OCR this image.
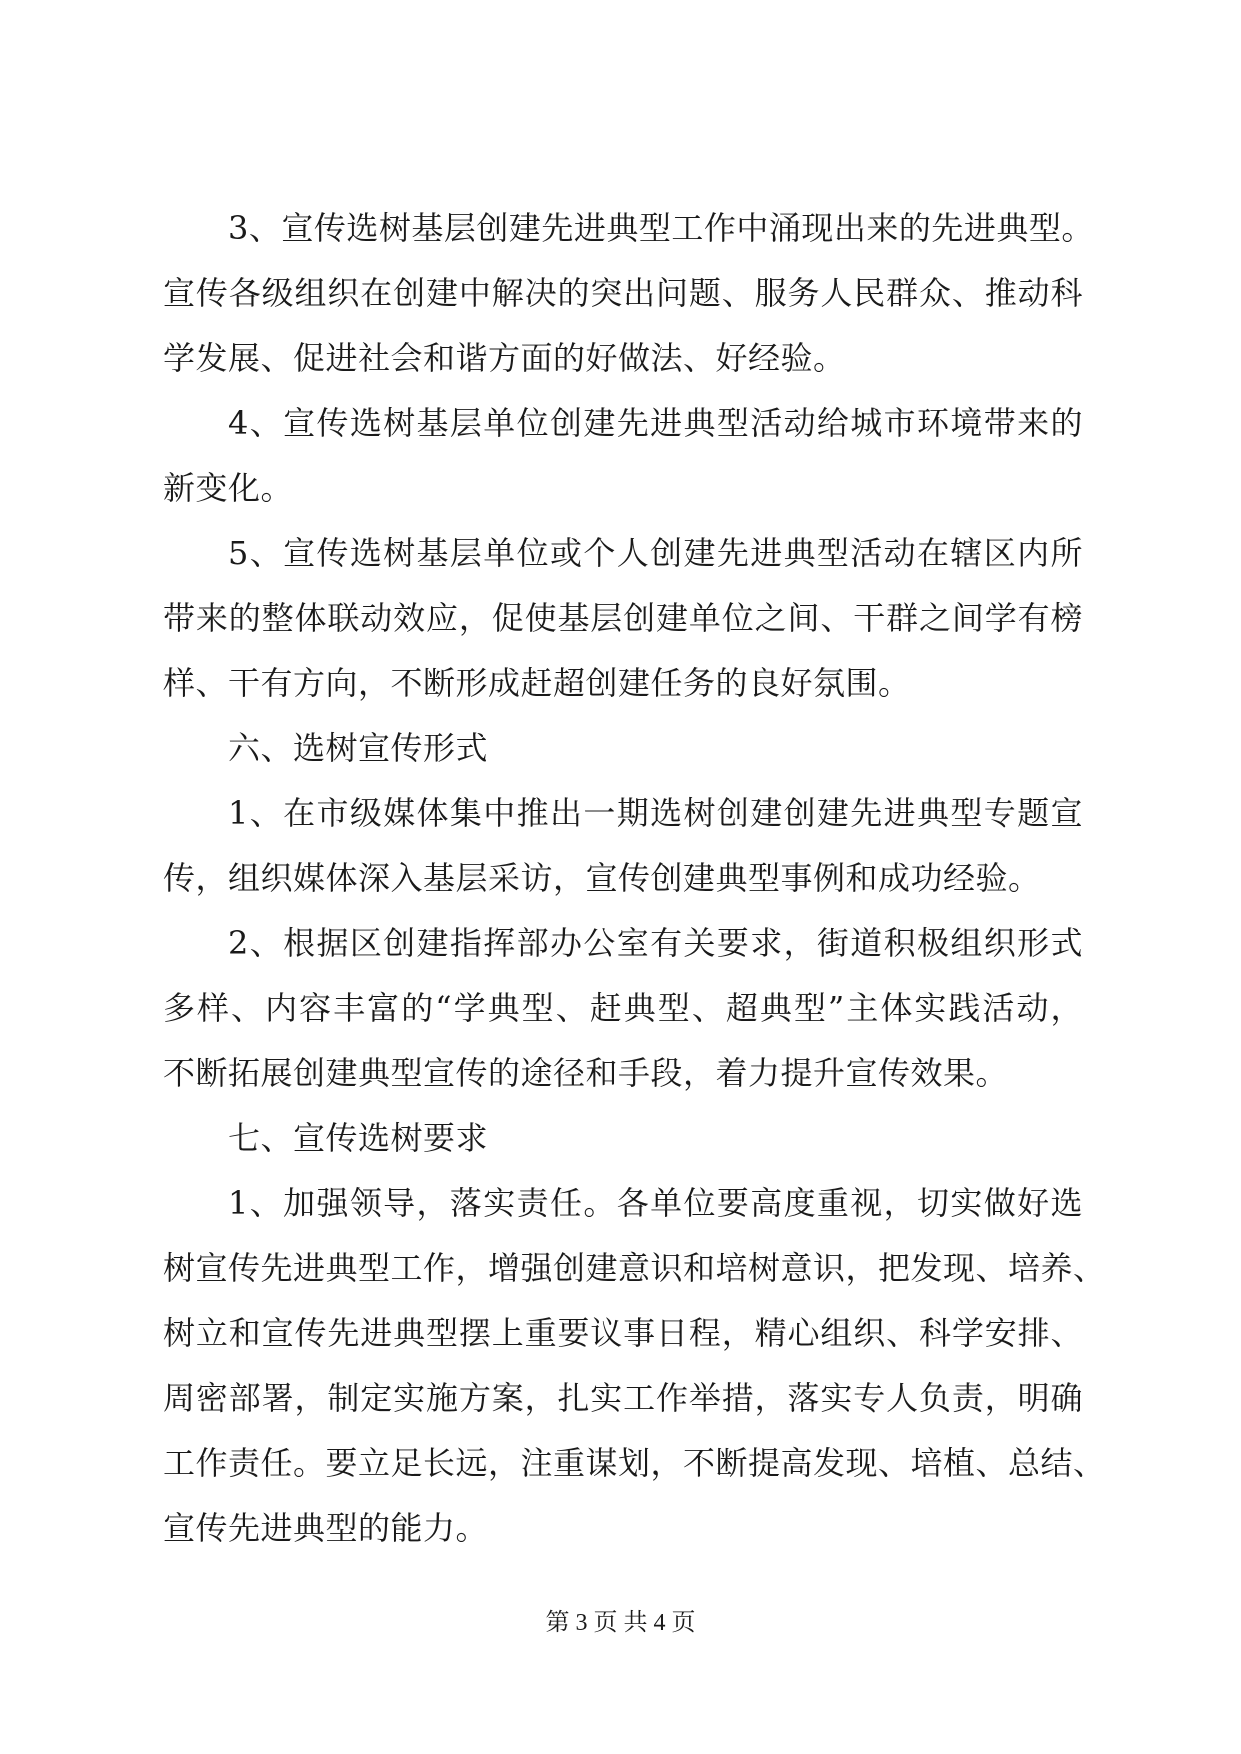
3、宣传选树基层创建先进典型工作中涌现出来的先进典型。
宣传各级组织在创建中解决的突出问题、服务人民群众、推动科
学发展、促进社会和谐方面的好做法、好经验。
4、宣传选树基层单位创建先进典型活动给城市环境带来的
新变化。
5、宣传选树基层单位或个人创建先进典型活动在辖区内所
带来的整体联动效应，促使基层创建单位之间、干群之间学有榜
样、干有方向，不断形成赶超创建任务的良好氛围。
六、选树宣传形式
1、在市级媒体集中推出一期选树创建创建先进典型专题宣
传，组织媒体深入基层采访，宣传创建典型事例和成功经验。
2、根据区创建指挥部办公室有关要求，街道积极组织形式
多样、内容丰富的“学典型、赶典型、超典型”主体实践活动，
不断拓展创建典型宣传的途径和手段，着力提升宣传效果。
七、宣传选树要求
1、加强领导，落实责任。各单位要高度重视，切实做好选
树宣传先进典型工作，增强创建意识和培树意识，把发现、培养、
树立和宣传先进典型摆上重要议事日程，精心组织、科学安排、
周密部署，制定实施方案，扎实工作举措，落实专人负责，明确
工作责任。要立足长远，注重谋划，不断提高发现、培植、总结、
宣传先进典型的能力。
第 3 页 共 4 页
